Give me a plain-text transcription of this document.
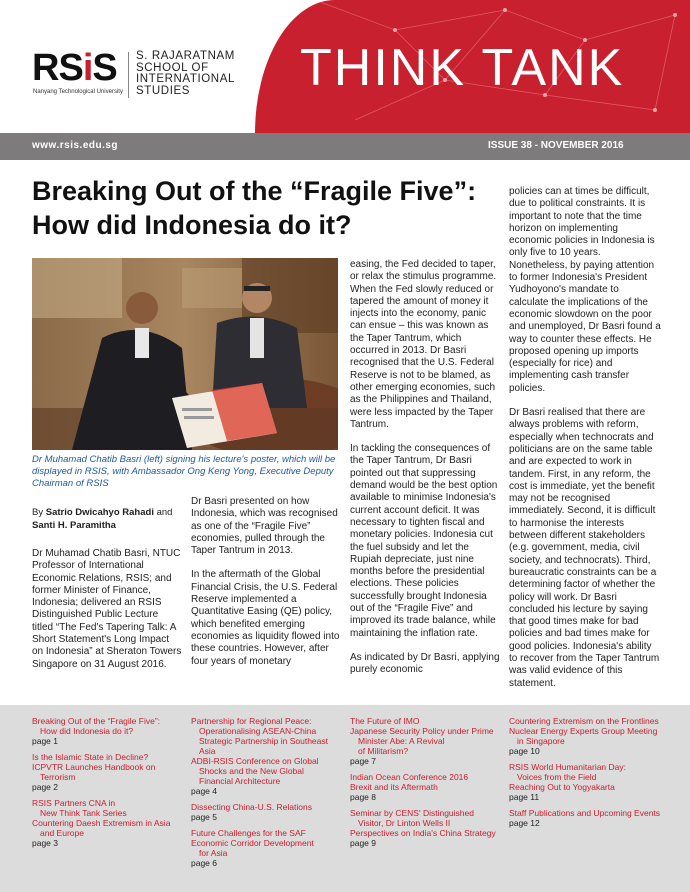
RSiS
Nanyang Technological University
S. RAJARATNAM
SCHOOL OF
INTERNATIONAL
STUDIES	THINK TANK
www.rsis.edu.sg	ISSUE 38 - NOVEMBER 2016
Breaking Out of the “Fragile Five”:
How did Indonesia do it?
Dr Muhamad Chatib Basri (left) signing his lecture's poster, which will be displayed in RSIS, with Ambassador Ong Keng Yong, Executive Deputy Chairman of RSIS
By Satrio Dwicahyo Rahadi and
Santi H. Paramitha

Dr Muhamad Chatib Basri, NTUC Professor of International Economic Relations, RSIS; and former Minister of Finance, Indonesia; delivered an RSIS Distinguished Public Lecture titled “The Fed's Tapering Talk: A Short Statement's Long Impact on Indonesia” at Sheraton Towers Singapore on 31 August 2016.

Dr Basri presented on how Indonesia, which was recognised as one of the “Fragile Five” economies, pulled through the Taper Tantrum in 2013.

In the aftermath of the Global Financial Crisis, the U.S. Federal Reserve implemented a Quantitative Easing (QE) policy, which benefited emerging economies as liquidity flowed into these countries. However, after four years of monetary

easing, the Fed decided to taper, or relax the stimulus programme. When the Fed slowly reduced or tapered the amount of money it injects into the economy, panic can ensue – this was known as the Taper Tantrum, which occurred in 2013. Dr Basri recognised that the U.S. Federal Reserve is not to be blamed, as other emerging economies, such as the Philippines and Thailand, were less impacted by the Taper Tantrum.

In tackling the consequences of the Taper Tantrum, Dr Basri pointed out that suppressing demand would be the best option available to minimise Indonesia's current account deficit. It was necessary to tighten fiscal and monetary policies. Indonesia cut the fuel subsidy and let the Rupiah depreciate, just nine months before the presidential elections. These policies successfully brought Indonesia out of the “Fragile Five” and improved its trade balance, while maintaining the inflation rate.

As indicated by Dr Basri, applying purely economic

policies can at times be difficult, due to political constraints. It is important to note that the time horizon on implementing economic policies in Indonesia is only five to 10 years. Nonetheless, by paying attention to former Indonesia's President Yudhoyono's mandate to calculate the implications of the economic slowdown on the poor and unemployed, Dr Basri found a way to counter these effects. He proposed opening up imports (especially for rice) and implementing cash transfer policies.

Dr Basri realised that there are always problems with reform, especially when technocrats and politicians are on the same table and are expected to work in tandem. First, in any reform, the cost is immediate, yet the benefit may not be recognised immediately. Second, it is difficult to harmonise the interests between different stakeholders (e.g. government, media, civil society, and technocrats). Third, bureaucratic constraints can be a determining factor of whether the policy will work. Dr Basri concluded his lecture by saying that good times make for bad policies and bad times make for good policies. Indonesia's ability to recover from the Taper Tantrum was valid evidence of this statement.

Breaking Out of the “Fragile Five”:
How did Indonesia do it?
page 1
Is the Islamic State in Decline?
ICPVTR Launches Handbook on
Terrorism
page 2
RSIS Partners CNA in
New Think Tank Series
Countering Daesh Extremism in Asia
and Europe
page 3
Partnership for Regional Peace:
Operationalising ASEAN-China
Strategic Partnership in Southeast
Asia
ADBI-RSIS Conference on Global
Shocks and the New Global
Financial Architecture
page 4
Dissecting China-U.S. Relations
page 5
Future Challenges for the SAF
Economic Corridor Development
for Asia
page 6
The Future of IMO
Japanese Security Policy under Prime
Minister Abe: A Revival
of Militarism?
page 7
Indian Ocean Conference 2016
Brexit and its Aftermath
page 8
Seminar by CENS' Distinguished
Visitor, Dr Linton Wells II
Perspectives on India's China Strategy
page 9
Countering Extremism on the Frontlines
Nuclear Energy Experts Group Meeting
in Singapore
page 10
RSIS World Humanitarian Day:
Voices from the Field
Reaching Out to Yogyakarta
page 11
Staff Publications and Upcoming Events
page 12
